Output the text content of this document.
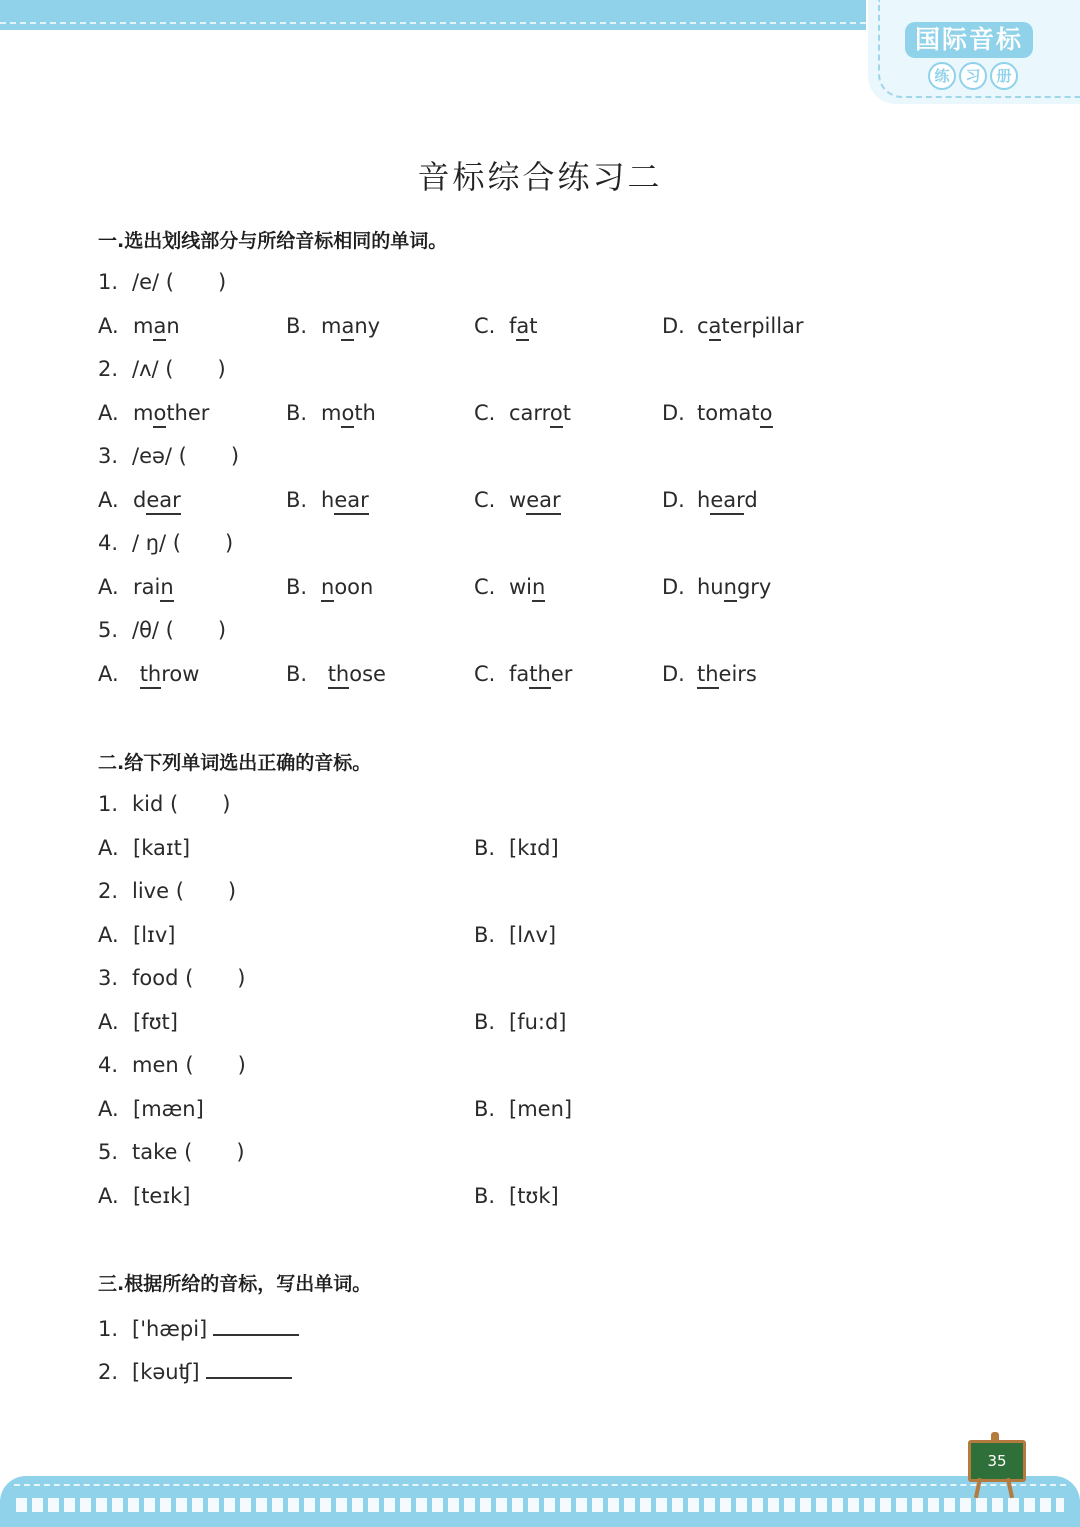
国际音标
练	习	册
音标综合练习二
一.选出划线部分与所给音标相同的单词。
1. /e/ ( )
A. man	B. many	C. fat	D. caterpillar
2. /ʌ/ ( )
A. mother	B. moth	C. carrot	D. tomato
3. /eə/ ( )
A. dear	B. hear	C. wear	D. heard
4. / ŋ/ ( )
A. rain	B. noon	C. win	D. hungry
5. /θ/ ( )
A. throw	B. those	C. father	D. theirs
二.给下列单词选出正确的音标。
1. kid ( )
A. [kaɪt]	B. [kɪd]
2. live ( )
A. [lɪv]	B. [lʌv]
3. food ( )
A. [fʊt]	B. [fu:d]
4. men ( )
A. [mæn]	B. [men]
5. take ( )
A. [teɪk]	B. [tʊk]
三.根据所给的音标，写出单词。
1. ['hæpi]
2. [kəuʧ]
35
